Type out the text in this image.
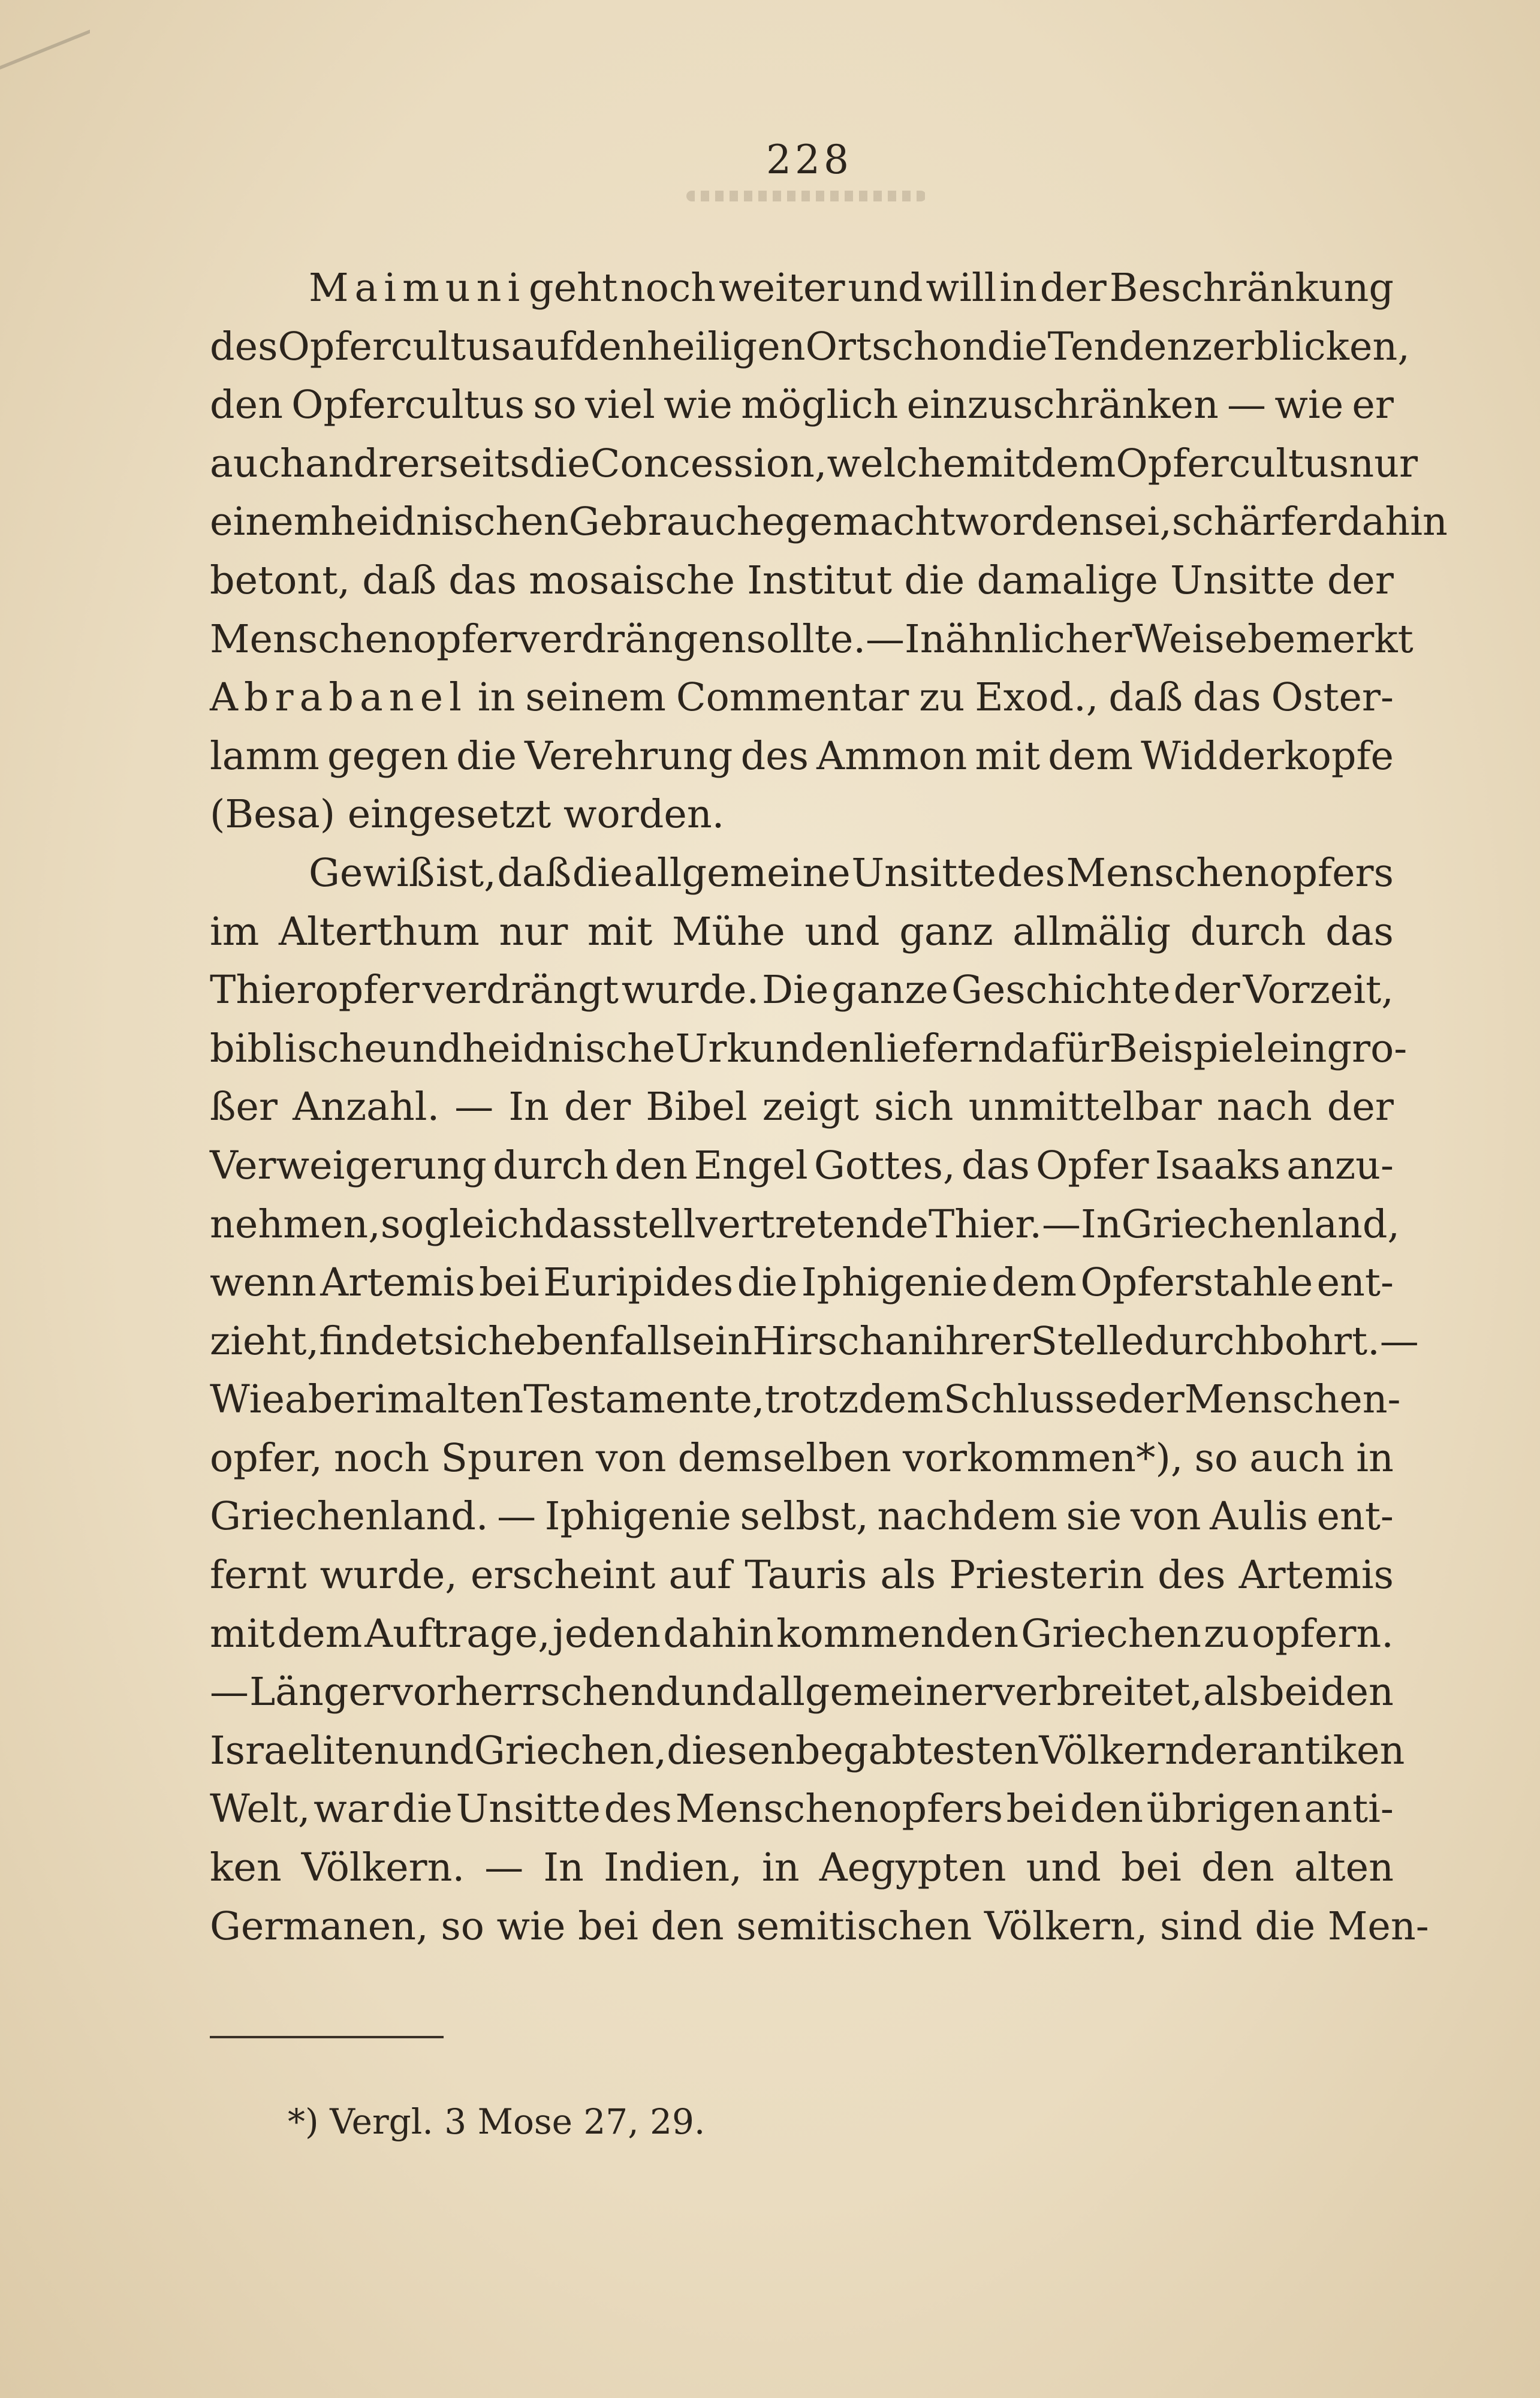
228
Maimuni geht noch weiter und will in der Beschränkung
des Opfercultus auf den heiligen Ort schon die Tendenz erblicken,
den Opfercultus so viel wie möglich einzuschränken — wie er
auch andrerseits die Concession, welche mit dem Opfercultus nur
einem heidnischen Gebrauche gemacht worden sei, schärfer dahin
betont, daß das mosaische Institut die damalige Unsitte der
Menschenopfer verdrängen sollte. — In ähnlicher Weise bemerkt
Abrabanel in seinem Commentar zu Exod., daß das Oster-
lamm gegen die Verehrung des Ammon mit dem Widderkopfe
(Besa) eingesetzt worden.
Gewiß ist, daß die allgemeine Unsitte des Menschenopfers
im Alterthum nur mit Mühe und ganz allmälig durch das
Thieropfer verdrängt wurde. Die ganze Geschichte der Vorzeit,
biblische und heidnische Urkunden liefern dafür Beispiele in gro-
ßer Anzahl. — In der Bibel zeigt sich unmittelbar nach der
Verweigerung durch den Engel Gottes, das Opfer Isaaks anzu-
nehmen, sogleich das stellvertretende Thier. — In Griechenland,
wenn Artemis bei Euripides die Iphigenie dem Opferstahle ent-
zieht, findet sich ebenfalls ein Hirsch an ihrer Stelle durchbohrt.—
Wie aber im alten Testamente, trotz dem Schlusse der Menschen-
opfer, noch Spuren von demselben vorkommen*), so auch in
Griechenland. — Iphigenie selbst, nachdem sie von Aulis ent-
fernt wurde, erscheint auf Tauris als Priesterin des Artemis
mit dem Auftrage, jeden dahin kommenden Griechen zu opfern.
— Länger vorherrschend und allgemeiner verbreitet, als bei den
Israeliten und Griechen, diesen begabtesten Völkern der antiken
Welt, war die Unsitte des Menschenopfers bei den übrigen anti-
ken Völkern. — In Indien, in Aegypten und bei den alten
Germanen, so wie bei den semitischen Völkern, sind die Men-
*) Vergl. 3 Mose 27, 29.
